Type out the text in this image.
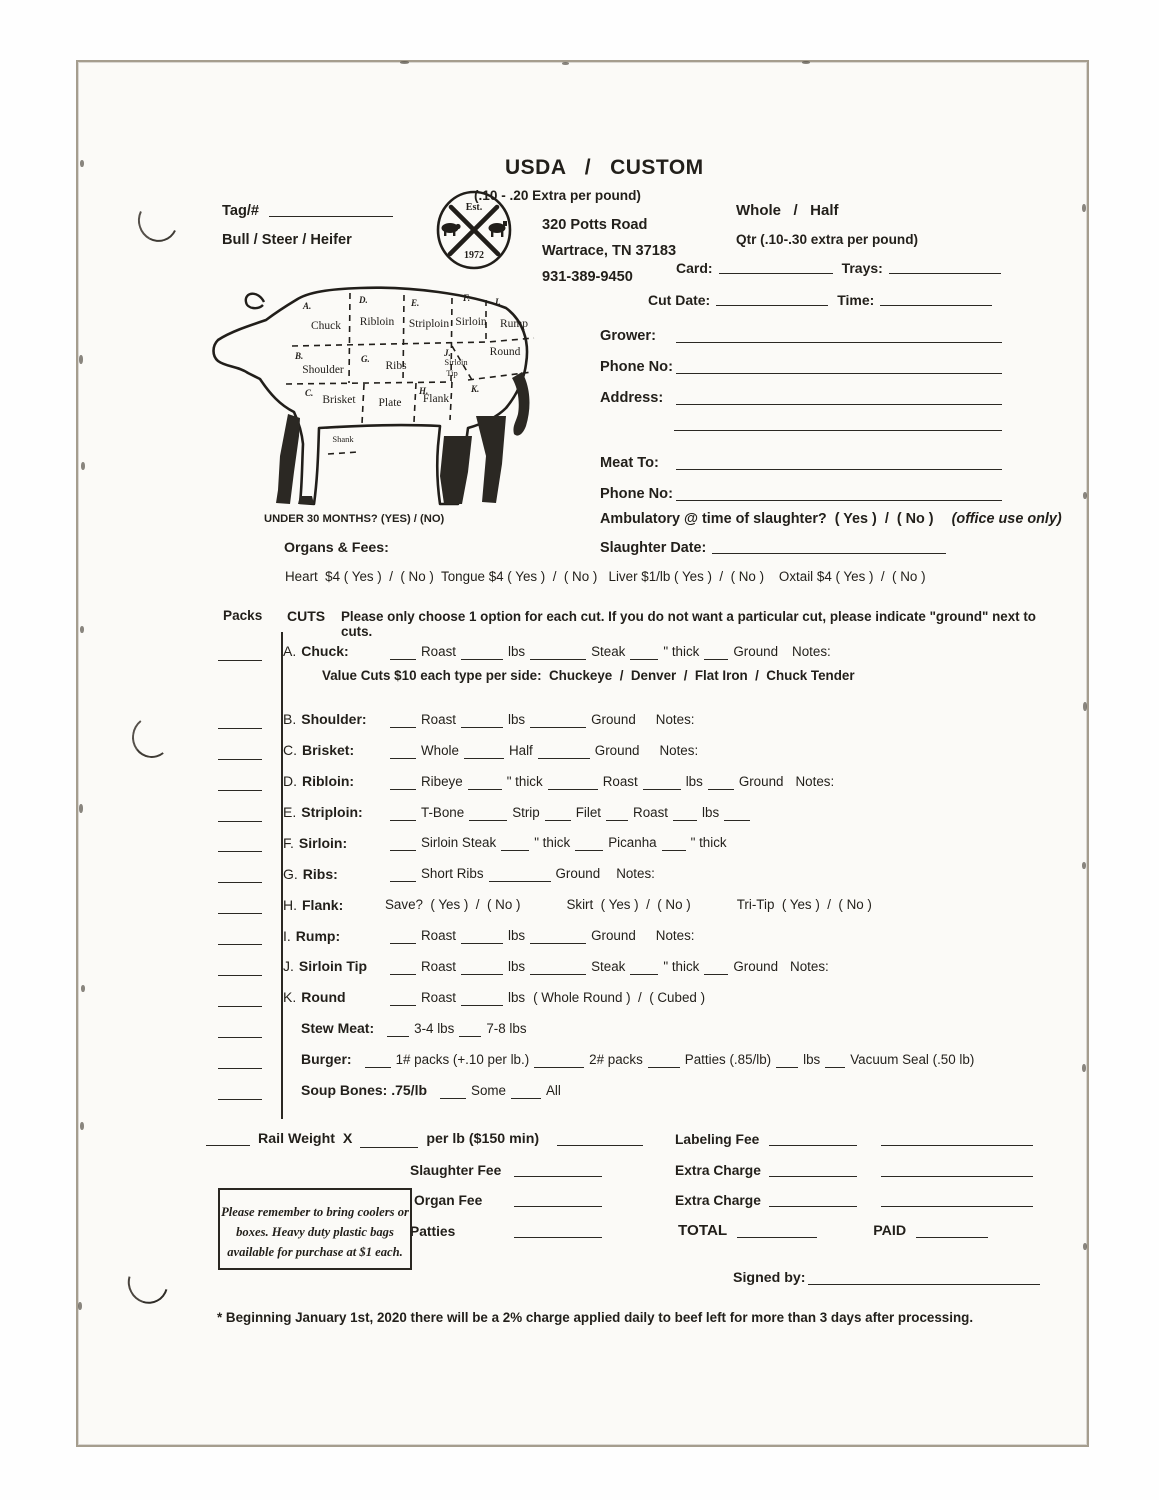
USDA   /   CUSTOM
(.10 - .20 Extra per pound)
Est.
1972
320 Potts Road
Wartrace, TN 37183
931-389-9450
Tag/#
Bull / Steer / Heifer
Whole   /   Half
Qtr (.10-.30 extra per pound)
Card:	Trays:
Cut Date:	Time:
A.
B.
C.
D.	E.	F.
G.
H.
I.
J.
K.
Chuck
Shoulder
Brisket
Ribloin Striploin Sirloin
Ribs
Flank
Rump
Sirloin Tip
Round
Plate
Shank
UNDER 30 MONTHS? (YES) / (NO)
Grower:
Phone No:
Address:
Meat To:
Phone No:
Ambulatory @ time of slaughter?  ( Yes )  /  ( No ) (office use only)
Slaughter Date:
Organs & Fees:
Heart  $4 ( Yes )  /  ( No )  Tongue $4 ( Yes )  /  ( No )   Liver $1/lb ( Yes )  /  ( No )    Oxtail $4 ( Yes )  /  ( No )
Packs CUTS Please only choose 1 option for each cut. If you do not want a particular cut, please indicate "ground" next to cuts.
A. Chuck:	Roast	lbs	Steak	" thick	Ground Notes:
Value Cuts $10 each type per side:  Chuckeye  /  Denver  /  Flat Iron  /  Chuck Tender
B. Shoulder:	Roast	lbs	Ground Notes:
C. Brisket:	Whole	Half	Ground Notes:
D. Ribloin:	Ribeye	" thick	Roast	lbs	Ground Notes:
E. Striploin:	T-Bone	Strip	Filet Roast	lbs
F. Sirloin:	Sirloin Steak	" thick	Picanha	" thick
G. Ribs:	Short Ribs	Ground Notes:
H. Flank:	Save?  ( Yes )  /  ( No )	Skirt  ( Yes )  /  ( No )	Tri-Tip  ( Yes )  /  ( No )
I. Rump:	Roast	lbs	Ground Notes:
J. Sirloin Tip	Roast	lbs	Steak	" thick	Ground Notes:
K. Round	Roast	lbs ( Whole Round )  /  ( Cubed )
Stew Meat:	3-4 lbs 7-8 lbs
Burger:	1# packs (+.10 per lb.)	2# packs	Patties (.85/lb) lbs Vacuum Seal (.50 lb)
Soup Bones: .75/lb	Some	All
Rail Weight  X	per lb ($150 min)
Slaughter Fee
Organ Fee
Patties
Labeling Fee
Extra Charge
Extra Charge
TOTAL	PAID
Signed by:
Please remember to bring coolers or
boxes. Heavy duty plastic bags
available for purchase at $1 each.
* Beginning January 1st, 2020 there will be a 2% charge applied daily to beef left for more than 3 days after processing.
